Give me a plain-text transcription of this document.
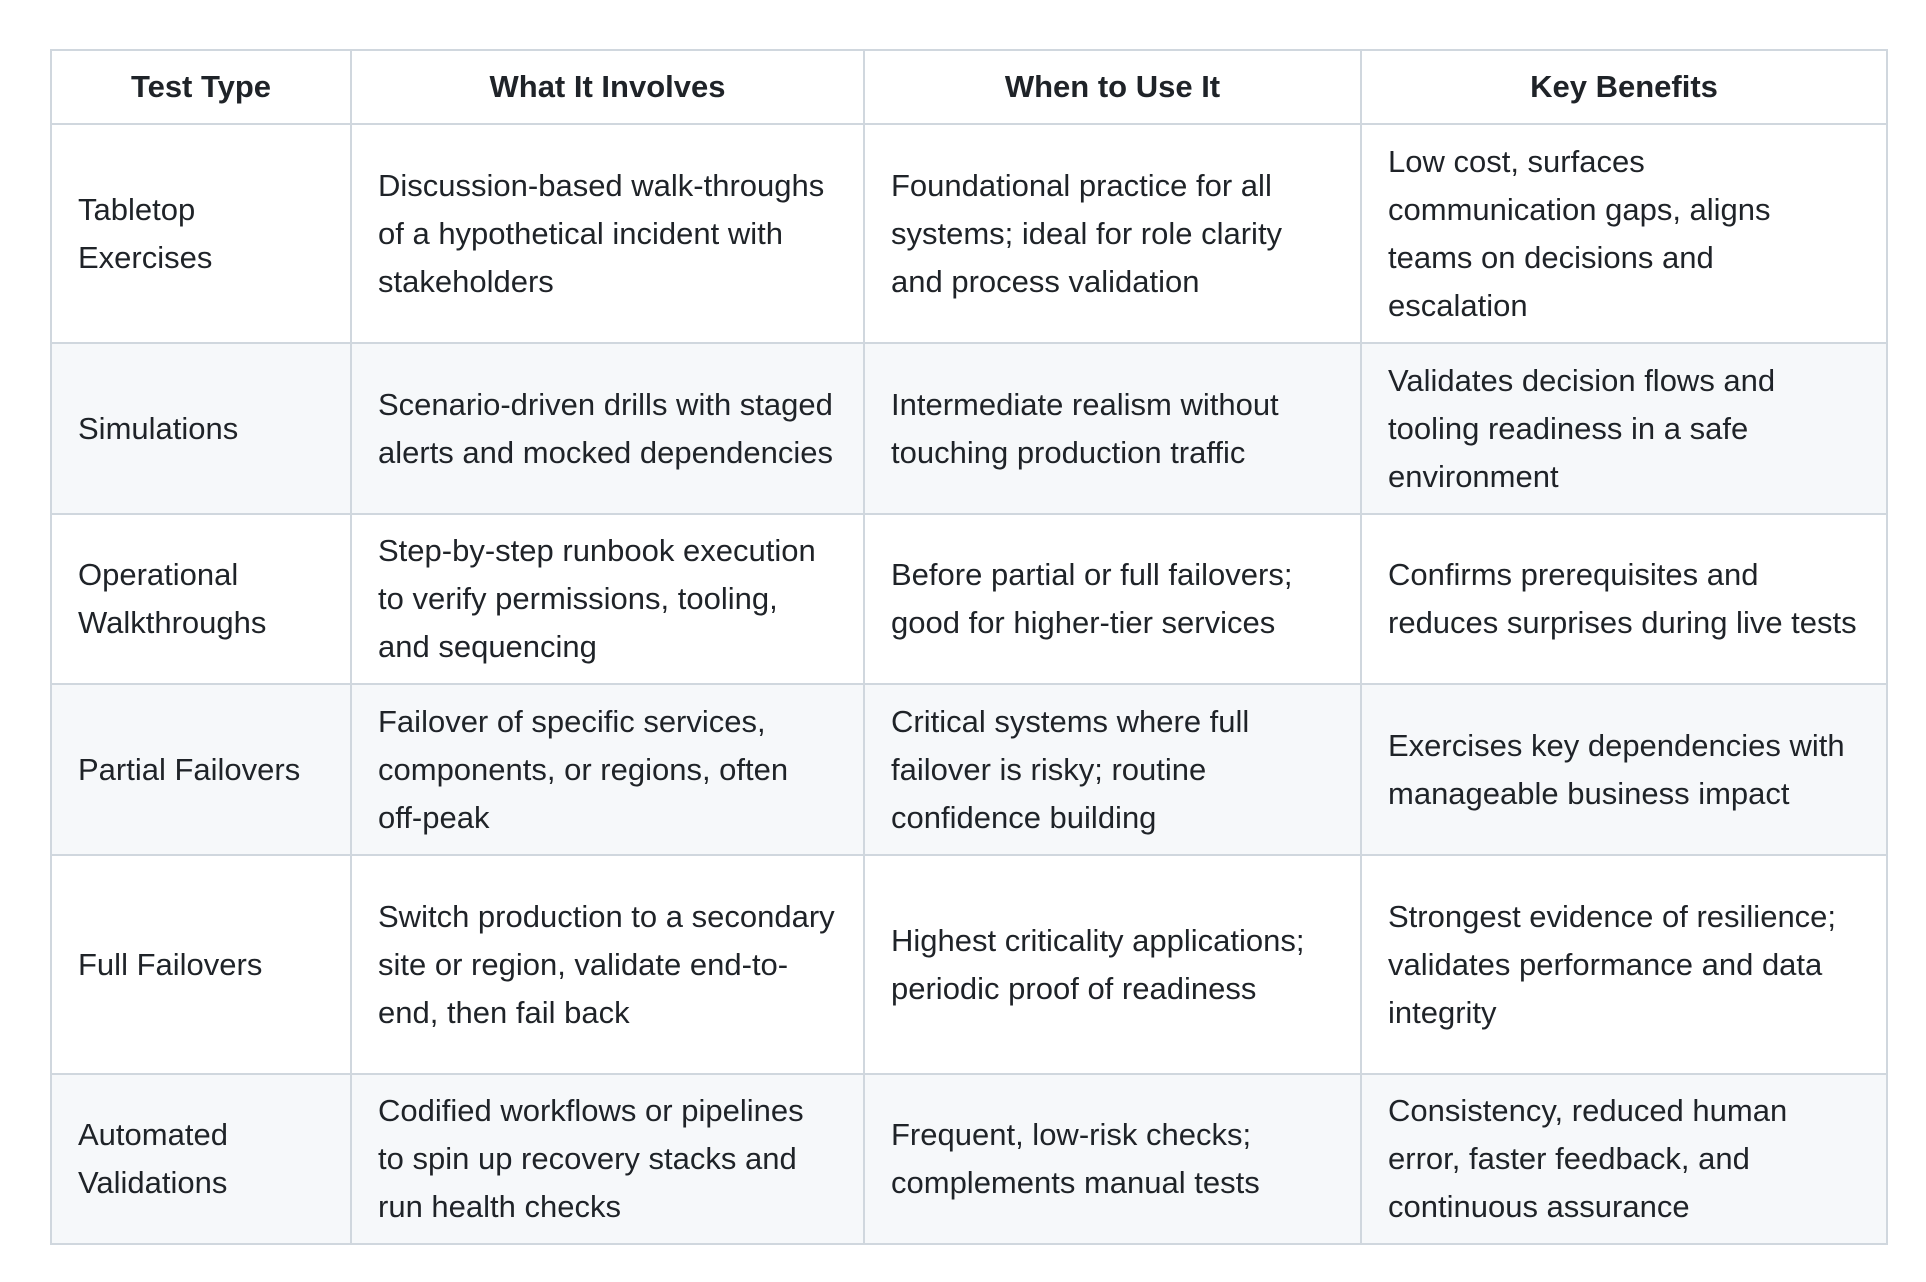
Test Type	What It Involves	When to Use It	Key Benefits
Tabletop Exercises	Discussion-based walk-throughs of a hypothetical incident with stakeholders	Foundational practice for all systems; ideal for role clarity and process validation	Low cost, surfaces communication gaps, aligns teams on decisions and escalation
Simulations	Scenario-driven drills with staged alerts and mocked dependencies	Intermediate realism without touching production traffic	Validates decision flows and tooling readiness in a safe environment
Operational Walkthroughs	Step-by-step runbook execution to verify permissions, tooling, and sequencing	Before partial or full failovers; good for higher-tier services	Confirms prerequisites and reduces surprises during live tests
Partial Failovers	Failover of specific services, components, or regions, often off-peak	Critical systems where full failover is risky; routine confidence building	Exercises key dependencies with manageable business impact
Full Failovers	Switch production to a secondary site or region, validate end-to-end, then fail back	Highest criticality applications; periodic proof of readiness	Strongest evidence of resilience; validates performance and data integrity
Automated Validations	Codified workflows or pipelines to spin up recovery stacks and run health checks	Frequent, low-risk checks; complements manual tests	Consistency, reduced human error, faster feedback, and continuous assurance
